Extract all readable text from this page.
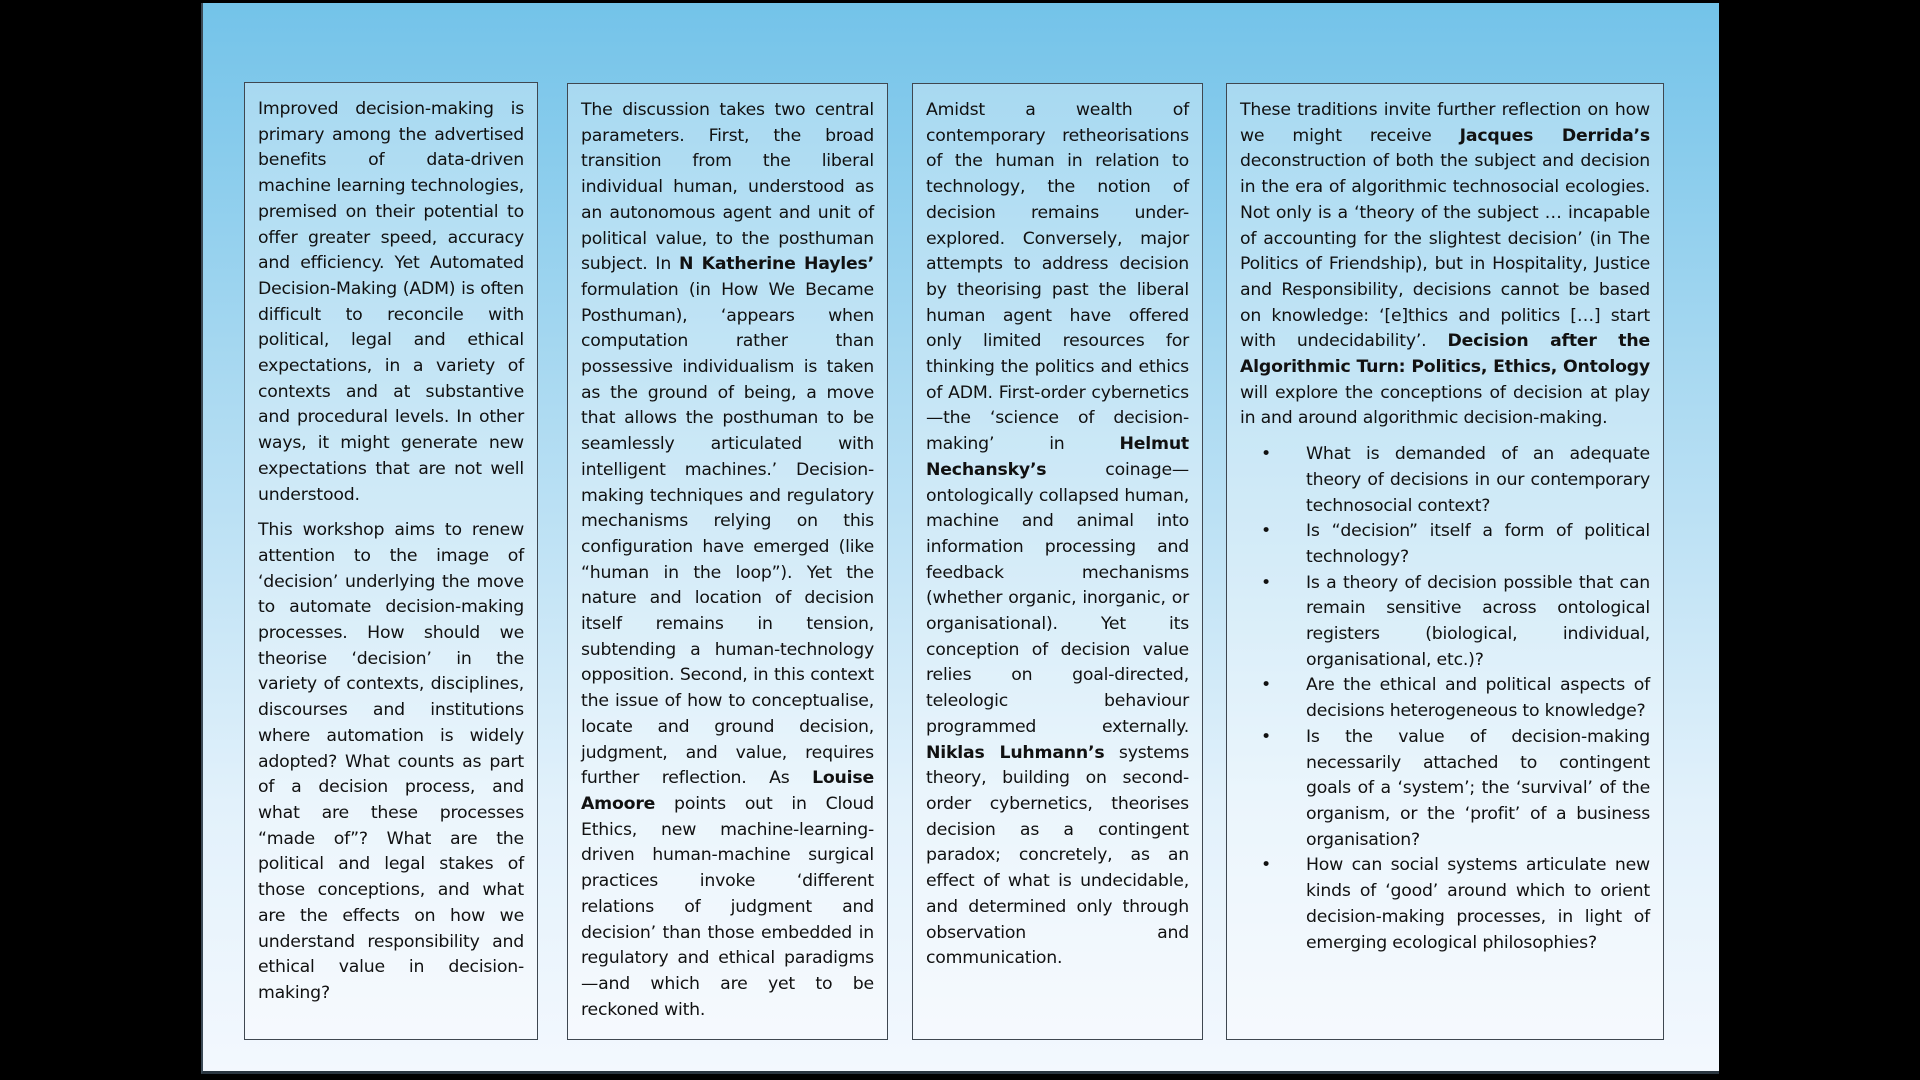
Improved decision-making is primary among the advertised benefits of data-driven machine learning technologies, premised on their potential to offer greater speed, accuracy and efficiency. Yet Automated Decision-Making (ADM) is often difficult to reconcile with political, legal and ethical expectations, in a variety of contexts and at substantive and procedural levels. In other ways, it might generate new expectations that are not well understood.

This workshop aims to renew attention to the image of ‘decision’ underlying the move to automate decision-making processes. How should we theorise ‘decision’ in the variety of contexts, disciplines, discourses and institutions where automation is widely adopted? What counts as part of a decision process, and what are these processes “made of”? What are the political and legal stakes of those conceptions, and what are the effects on how we understand responsibility and ethical value in decision-making?

The discussion takes two central parameters. First, the broad transition from the liberal individual human, understood as an autonomous agent and unit of political value, to the posthuman subject. In N Katherine Hayles’ formulation (in How We Became Posthuman), ‘appears when computation rather than possessive individualism is taken as the ground of being, a move that allows the posthuman to be seamlessly articulated with intelligent machines.’ Decision-making techniques and regulatory mechanisms relying on this configuration have emerged (like “human in the loop”). Yet the nature and location of decision itself remains in tension, subtending a human-technology opposition. Second, in this context the issue of how to conceptualise, locate and ground decision, judgment, and value, requires further reflection. As Louise Amoore points out in Cloud Ethics, new machine-learning-driven human-machine surgical practices invoke ‘different relations of judgment and decision’ than those embedded in regulatory and ethical paradigms—and which are yet to be reckoned with.

Amidst a wealth of contemporary retheorisations of the human in relation to technology, the notion of decision remains under-explored. Conversely, major attempts to address decision by theorising past the liberal human agent have offered only limited resources for thinking the politics and ethics of ADM. First-order cybernetics—the ‘science of decision-making’ in Helmut Nechansky’s coinage—ontologically collapsed human, machine and animal into information processing and feedback mechanisms (whether organic, inorganic, or organisational). Yet its conception of decision value relies on goal-directed, teleologic behaviour programmed externally. Niklas Luhmann’s systems theory, building on second-order cybernetics, theorises decision as a contingent paradox; concretely, as an effect of what is undecidable, and determined only through observation and communication.

These traditions invite further reflection on how we might receive Jacques Derrida’s deconstruction of both the subject and decision in the era of algorithmic technosocial ecologies. Not only is a ‘theory of the subject … incapable of accounting for the slightest decision’ (in The Politics of Friendship), but in Hospitality, Justice and Responsibility, decisions cannot be based on knowledge: ‘[e]thics and politics […] start with undecidability’. Decision after the Algorithmic Turn: Politics, Ethics, Ontology will explore the conceptions of decision at play in and around algorithmic decision-making.

• What is demanded of an adequate theory of decisions in our contemporary technosocial context?
• Is “decision” itself a form of political technology?
• Is a theory of decision possible that can remain sensitive across ontological registers (biological, individual, organisational, etc.)?
• Are the ethical and political aspects of decisions heterogeneous to knowledge?
• Is the value of decision-making necessarily attached to contingent goals of a ‘system’; the ‘survival’ of the organism, or the ‘profit’ of a business organisation?
• How can social systems articulate new kinds of ‘good’ around which to orient decision-making processes, in light of emerging ecological philosophies?
